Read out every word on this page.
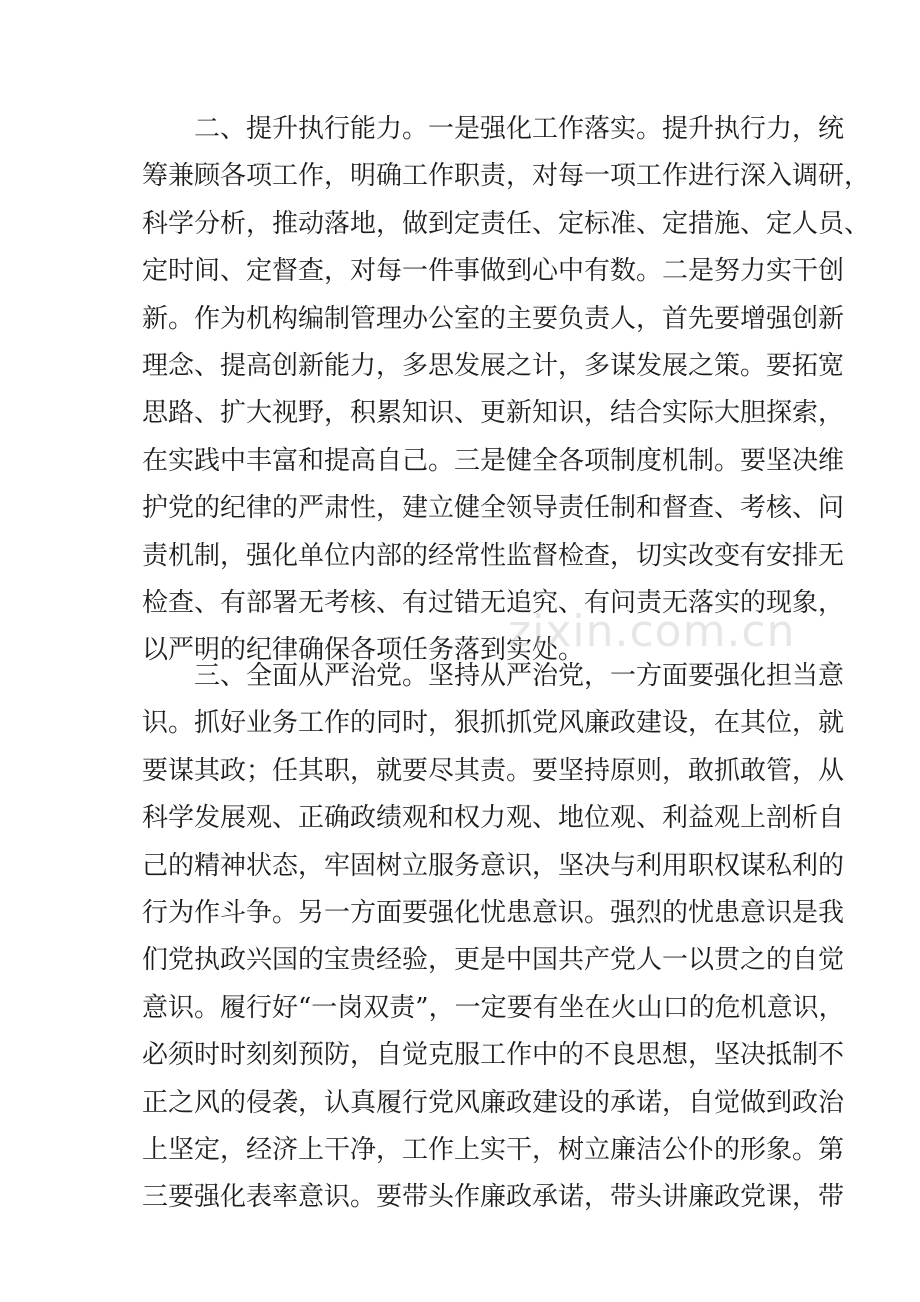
二、提升执行能力。一是强化工作落实。提升执行力，统
筹兼顾各项工作，明确工作职责，对每一项工作进行深入调研，
科学分析，推动落地，做到定责任、定标准、定措施、定人员、
定时间、定督查，对每一件事做到心中有数。二是努力实干创
新。作为机构编制管理办公室的主要负责人，首先要增强创新
理念、提高创新能力，多思发展之计，多谋发展之策。要拓宽
思路、扩大视野，积累知识、更新知识，结合实际大胆探索，
在实践中丰富和提高自己。三是健全各项制度机制。要坚决维
护党的纪律的严肃性，建立健全领导责任制和督查、考核、问
责机制，强化单位内部的经常性监督检查，切实改变有安排无
检查、有部署无考核、有过错无追究、有问责无落实的现象，
以严明的纪律确保各项任务落到实处。
三、全面从严治党。坚持从严治党，一方面要强化担当意
识。抓好业务工作的同时，狠抓抓党风廉政建设，在其位，就
要谋其政；任其职，就要尽其责。要坚持原则，敢抓敢管，从
科学发展观、正确政绩观和权力观、地位观、利益观上剖析自
己的精神状态，牢固树立服务意识，坚决与利用职权谋私利的
行为作斗争。另一方面要强化忧患意识。强烈的忧患意识是我
们党执政兴国的宝贵经验，更是中国共产党人一以贯之的自觉
意识。履行好“一岗双责”，一定要有坐在火山口的危机意识，
必须时时刻刻预防，自觉克服工作中的不良思想，坚决抵制不
正之风的侵袭，认真履行党风廉政建设的承诺，自觉做到政治
上坚定，经济上干净，工作上实干，树立廉洁公仆的形象。第
三要强化表率意识。要带头作廉政承诺，带头讲廉政党课，带
zixin.com.cn
